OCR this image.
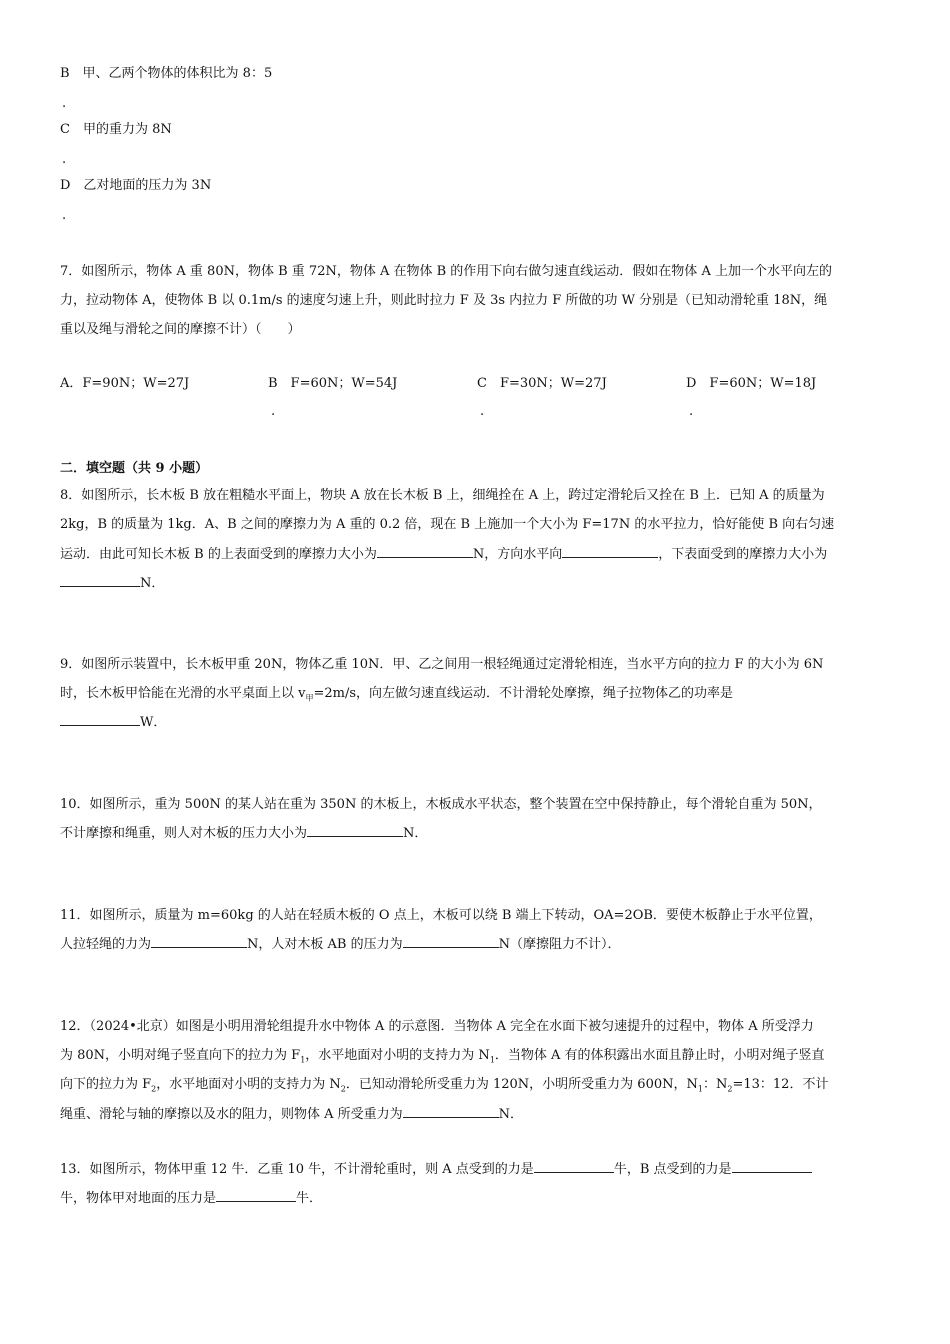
B　甲、乙两个物体的体积比为 8：5
.
C　甲的重力为 8N
.
D　乙对地面的压力为 3N
.
7．如图所示，物体 A 重 80N，物体 B 重 72N，物体 A 在物体 B 的作用下向右做匀速直线运动．假如在物体 A 上加一个水平向左的
力，拉动物体 A，使物体 B 以 0.1m/s 的速度匀速上升，则此时拉力 F 及 3s 内拉力 F 所做的功 W 分别是（已知动滑轮重 18N，绳
重以及绳与滑轮之间的摩擦不计）（　　）
A．F=90N；W=27J	B　F=60N；W=54J	C　F=30N；W=27J	D　F=60N；W=18J
.	.	.
二．填空题（共 9 小题）
8．如图所示，长木板 B 放在粗糙水平面上，物块 A 放在长木板 B 上，细绳拴在 A 上，跨过定滑轮后又拴在 B 上．已知 A 的质量为
2kg，B 的质量为 1kg．A、B 之间的摩擦力为 A 重的 0.2 倍，现在 B 上施加一个大小为 F=17N 的水平拉力，恰好能使 B 向右匀速
运动．由此可知长木板 B 的上表面受到的摩擦力大小为	N，方向水平向	，下表面受到的摩擦力大小为
N．
9．如图所示装置中，长木板甲重 20N，物体乙重 10N．甲、乙之间用一根轻绳通过定滑轮相连，当水平方向的拉力 F 的大小为 6N
时，长木板甲恰能在光滑的水平桌面上以 $v_甲=2m/s$，向左做匀速直线运动．不计滑轮处摩擦，绳子拉物体乙的功率是
W．
10．如图所示，重为 500N 的某人站在重为 350N 的木板上，木板成水平状态，整个装置在空中保持静止，每个滑轮自重为 50N，
不计摩擦和绳重，则人对木板的压力大小为	N．
11．如图所示，质量为 m=60kg 的人站在轻质木板的 O 点上，木板可以绕 B 端上下转动，OA=2OB．要使木板静止于水平位置，
人拉轻绳的力为	N，人对木板 AB 的压力为	N（摩擦阻力不计）．
12．（2024•北京）如图是小明用滑轮组提升水中物体 A 的示意图．当物体 A 完全在水面下被匀速提升的过程中，物体 A 所受浮力
为 80N，小明对绳子竖直向下的拉力为 $F_1$，水平地面对小明的支持力为 $N_1$．当物体 A 有的体积露出水面且静止时，小明对绳子竖直
向下的拉力为 $F_2$，水平地面对小明的支持力为 $N_2$．已知动滑轮所受重力为 120N，小明所受重力为 600N，$N_1$：$N_2=13$：12．不计
绳重、滑轮与轴的摩擦以及水的阻力，则物体 A 所受重力为	N．
13．如图所示，物体甲重 12 牛．乙重 10 牛，不计滑轮重时，则 A 点受到的力是	牛，B 点受到的力是
牛，物体甲对地面的压力是	牛．
